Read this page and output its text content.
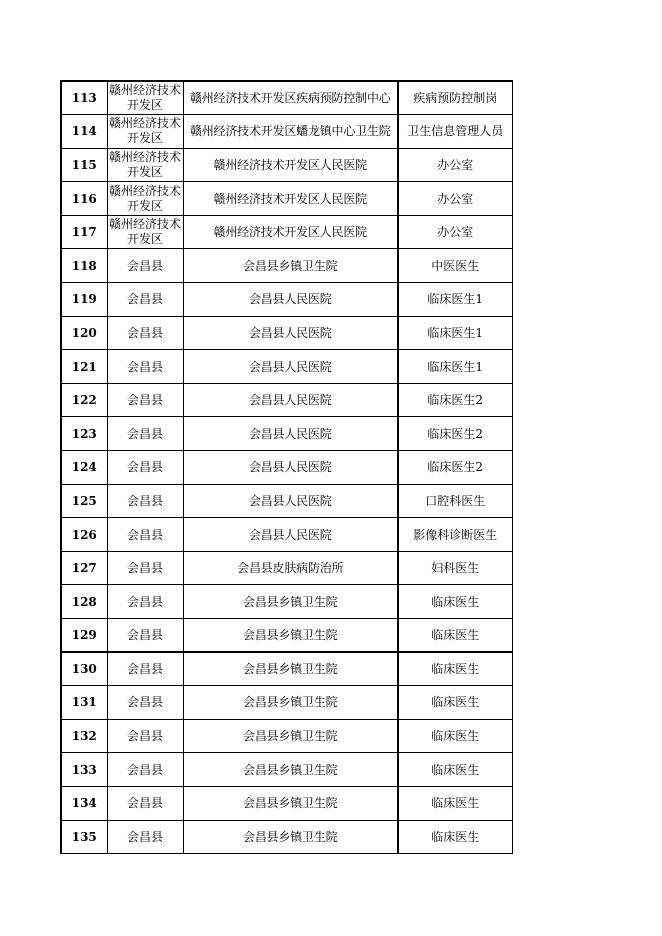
113	赣州经济技术开发区	赣州经济技术开发区疾病预防控制中心	疾病预防控制岗
114	赣州经济技术开发区	赣州经济技术开发区蟠龙镇中心卫生院	卫生信息管理人员
115	赣州经济技术开发区	赣州经济技术开发区人民医院	办公室
116	赣州经济技术开发区	赣州经济技术开发区人民医院	办公室
117	赣州经济技术开发区	赣州经济技术开发区人民医院	办公室
118	会昌县	会昌县乡镇卫生院	中医医生
119	会昌县	会昌县人民医院	临床医生1
120	会昌县	会昌县人民医院	临床医生1
121	会昌县	会昌县人民医院	临床医生1
122	会昌县	会昌县人民医院	临床医生2
123	会昌县	会昌县人民医院	临床医生2
124	会昌县	会昌县人民医院	临床医生2
125	会昌县	会昌县人民医院	口腔科医生
126	会昌县	会昌县人民医院	影像科诊断医生
127	会昌县	会昌县皮肤病防治所	妇科医生
128	会昌县	会昌县乡镇卫生院	临床医生
129	会昌县	会昌县乡镇卫生院	临床医生
130	会昌县	会昌县乡镇卫生院	临床医生
131	会昌县	会昌县乡镇卫生院	临床医生
132	会昌县	会昌县乡镇卫生院	临床医生
133	会昌县	会昌县乡镇卫生院	临床医生
134	会昌县	会昌县乡镇卫生院	临床医生
135	会昌县	会昌县乡镇卫生院	临床医生
